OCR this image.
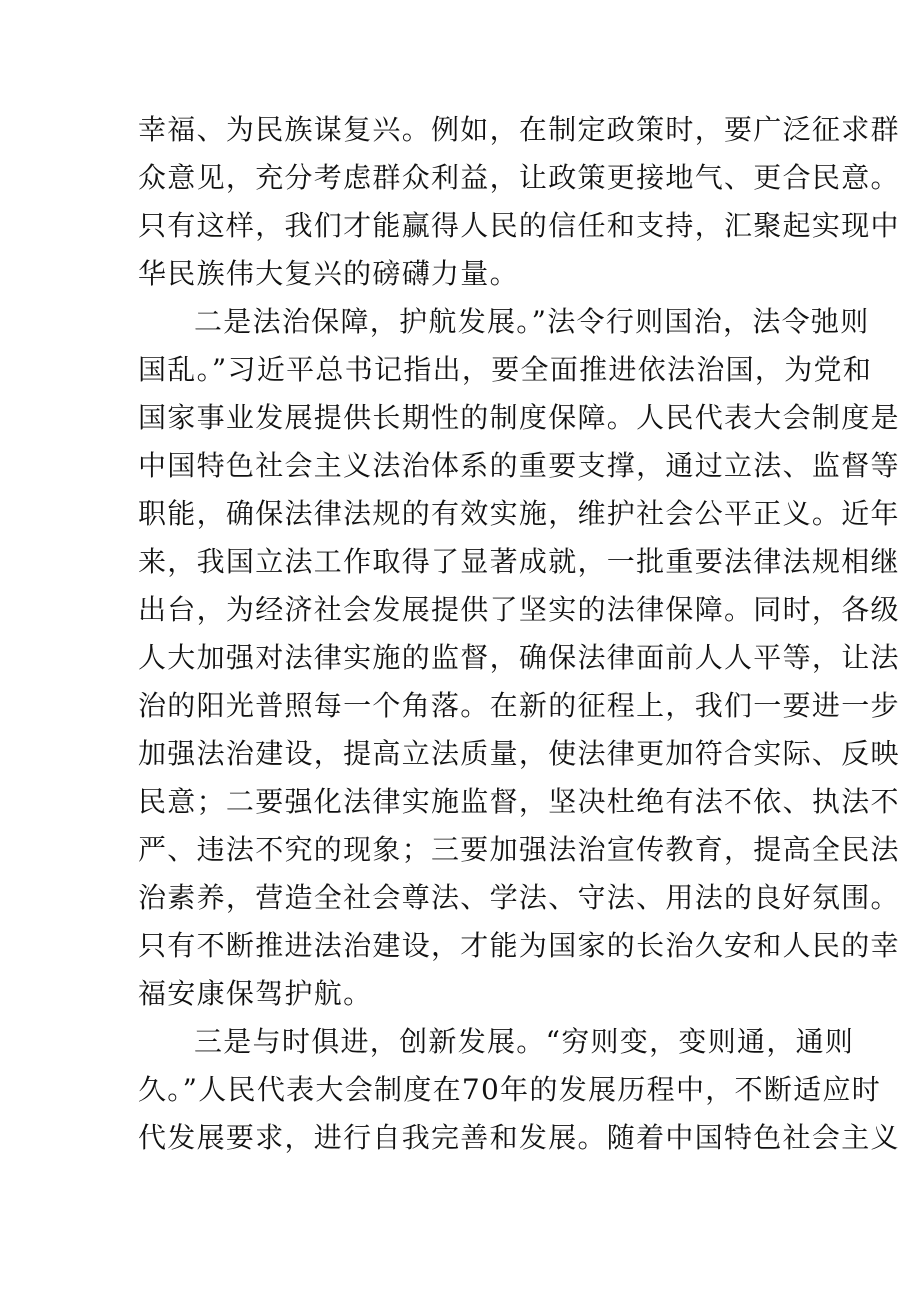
幸福、为民族谋复兴。例如，在制定政策时，要广泛征求群
众意见，充分考虑群众利益，让政策更接地气、更合民意。
只有这样，我们才能赢得人民的信任和支持，汇聚起实现中
华民族伟大复兴的磅礴力量。
二是法治保障，护航发展。”法令行则国治，法令弛则
国乱。”习近平总书记指出，要全面推进依法治国，为党和
国家事业发展提供长期性的制度保障。人民代表大会制度是
中国特色社会主义法治体系的重要支撑，通过立法、监督等
职能，确保法律法规的有效实施，维护社会公平正义。近年
来，我国立法工作取得了显著成就，一批重要法律法规相继
出台，为经济社会发展提供了坚实的法律保障。同时，各级
人大加强对法律实施的监督，确保法律面前人人平等，让法
治的阳光普照每一个角落。在新的征程上，我们一要进一步
加强法治建设，提高立法质量，使法律更加符合实际、反映
民意；二要强化法律实施监督，坚决杜绝有法不依、执法不
严、违法不究的现象；三要加强法治宣传教育，提高全民法
治素养，营造全社会尊法、学法、守法、用法的良好氛围。
只有不断推进法治建设，才能为国家的长治久安和人民的幸
福安康保驾护航。
三是与时俱进，创新发展。“穷则变，变则通，通则
久。”人民代表大会制度在70年的发展历程中，不断适应时
代发展要求，进行自我完善和发展。随着中国特色社会主义
